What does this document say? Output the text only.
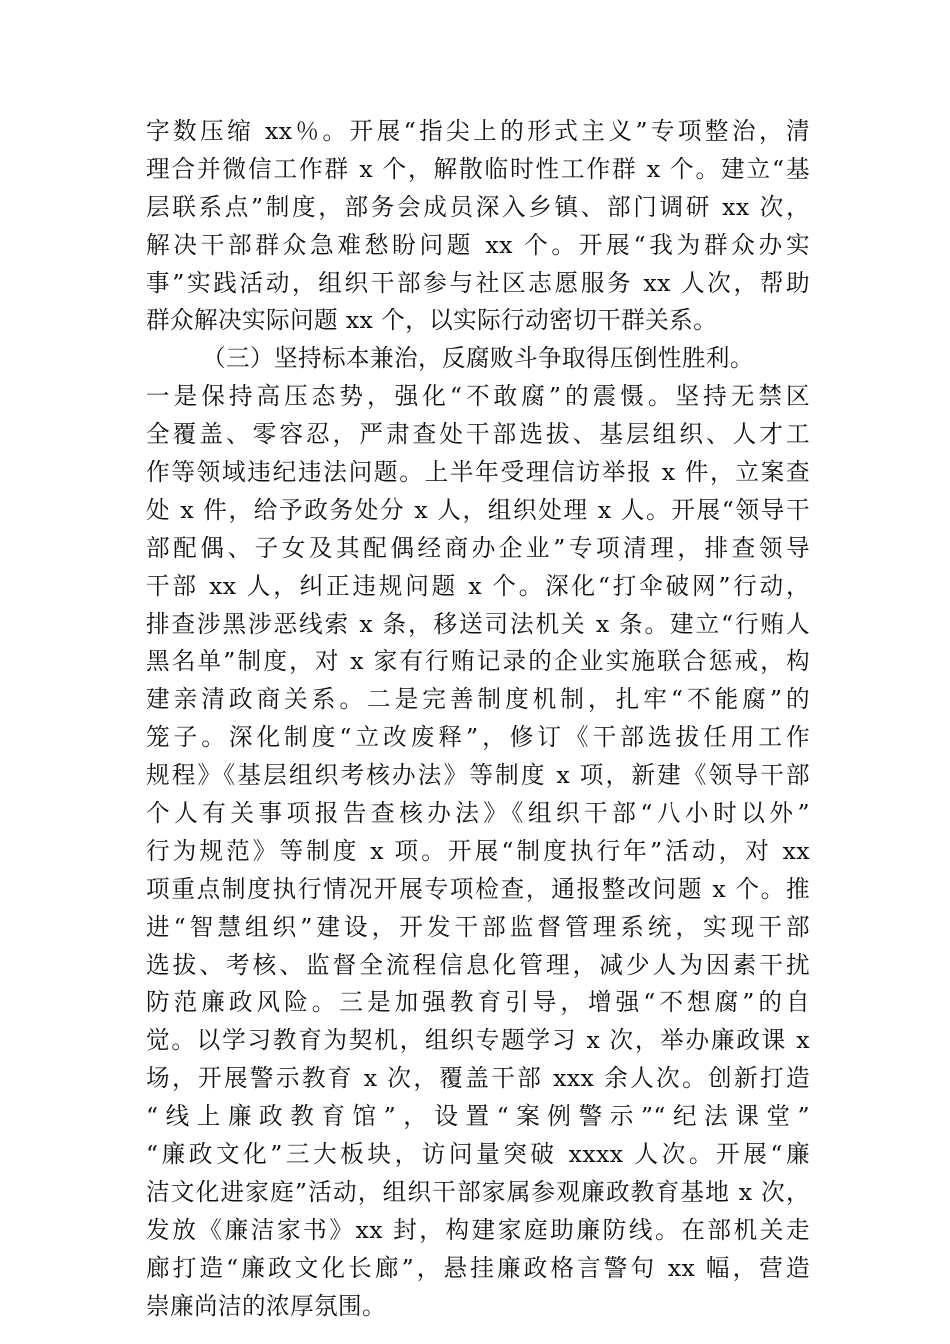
字数压缩 xx％。开展“指尖上的形式主义”专项整治，清
理合并微信工作群 x 个，解散临时性工作群 x 个。建立“基
层联系点”制度，部务会成员深入乡镇、部门调研 xx 次，
解决干部群众急难愁盼问题 xx 个。开展“我为群众办实
事”实践活动，组织干部参与社区志愿服务 xx 人次，帮助
群众解决实际问题 xx 个，以实际行动密切干群关系。
（三）坚持标本兼治，反腐败斗争取得压倒性胜利。
一是保持高压态势，强化“不敢腐”的震慑。坚持无禁区
全覆盖、零容忍，严肃查处干部选拔、基层组织、人才工
作等领域违纪违法问题。上半年受理信访举报 x 件，立案查
处 x 件，给予政务处分 x 人，组织处理 x 人。开展“领导干
部配偶、子女及其配偶经商办企业”专项清理，排查领导
干部 xx 人，纠正违规问题 x 个。深化“打伞破网”行动，
排查涉黑涉恶线索 x 条，移送司法机关 x 条。建立“行贿人
黑名单”制度，对 x 家有行贿记录的企业实施联合惩戒，构
建亲清政商关系。二是完善制度机制，扎牢“不能腐”的
笼子。深化制度“立改废释”，修订《干部选拔任用工作
规程》《基层组织考核办法》等制度 x 项，新建《领导干部
个人有关事项报告查核办法》《组织干部“八小时以外”
行为规范》等制度 x 项。开展“制度执行年”活动，对 xx
项重点制度执行情况开展专项检查，通报整改问题 x 个。推
进“智慧组织”建设，开发干部监督管理系统，实现干部
选拔、考核、监督全流程信息化管理，减少人为因素干扰
防范廉政风险。三是加强教育引导，增强“不想腐”的自
觉。以学习教育为契机，组织专题学习 x 次，举办廉政课 x
场，开展警示教育 x 次，覆盖干部 xxx 余人次。创新打造
“线上廉政教育馆”，设置“案例警示”“纪法课堂”
“廉政文化”三大板块，访问量突破 xxxx 人次。开展“廉
洁文化进家庭”活动，组织干部家属参观廉政教育基地 x 次，
发放《廉洁家书》xx 封，构建家庭助廉防线。在部机关走
廊打造“廉政文化长廊”，悬挂廉政格言警句 xx 幅，营造
崇廉尚洁的浓厚氛围。
